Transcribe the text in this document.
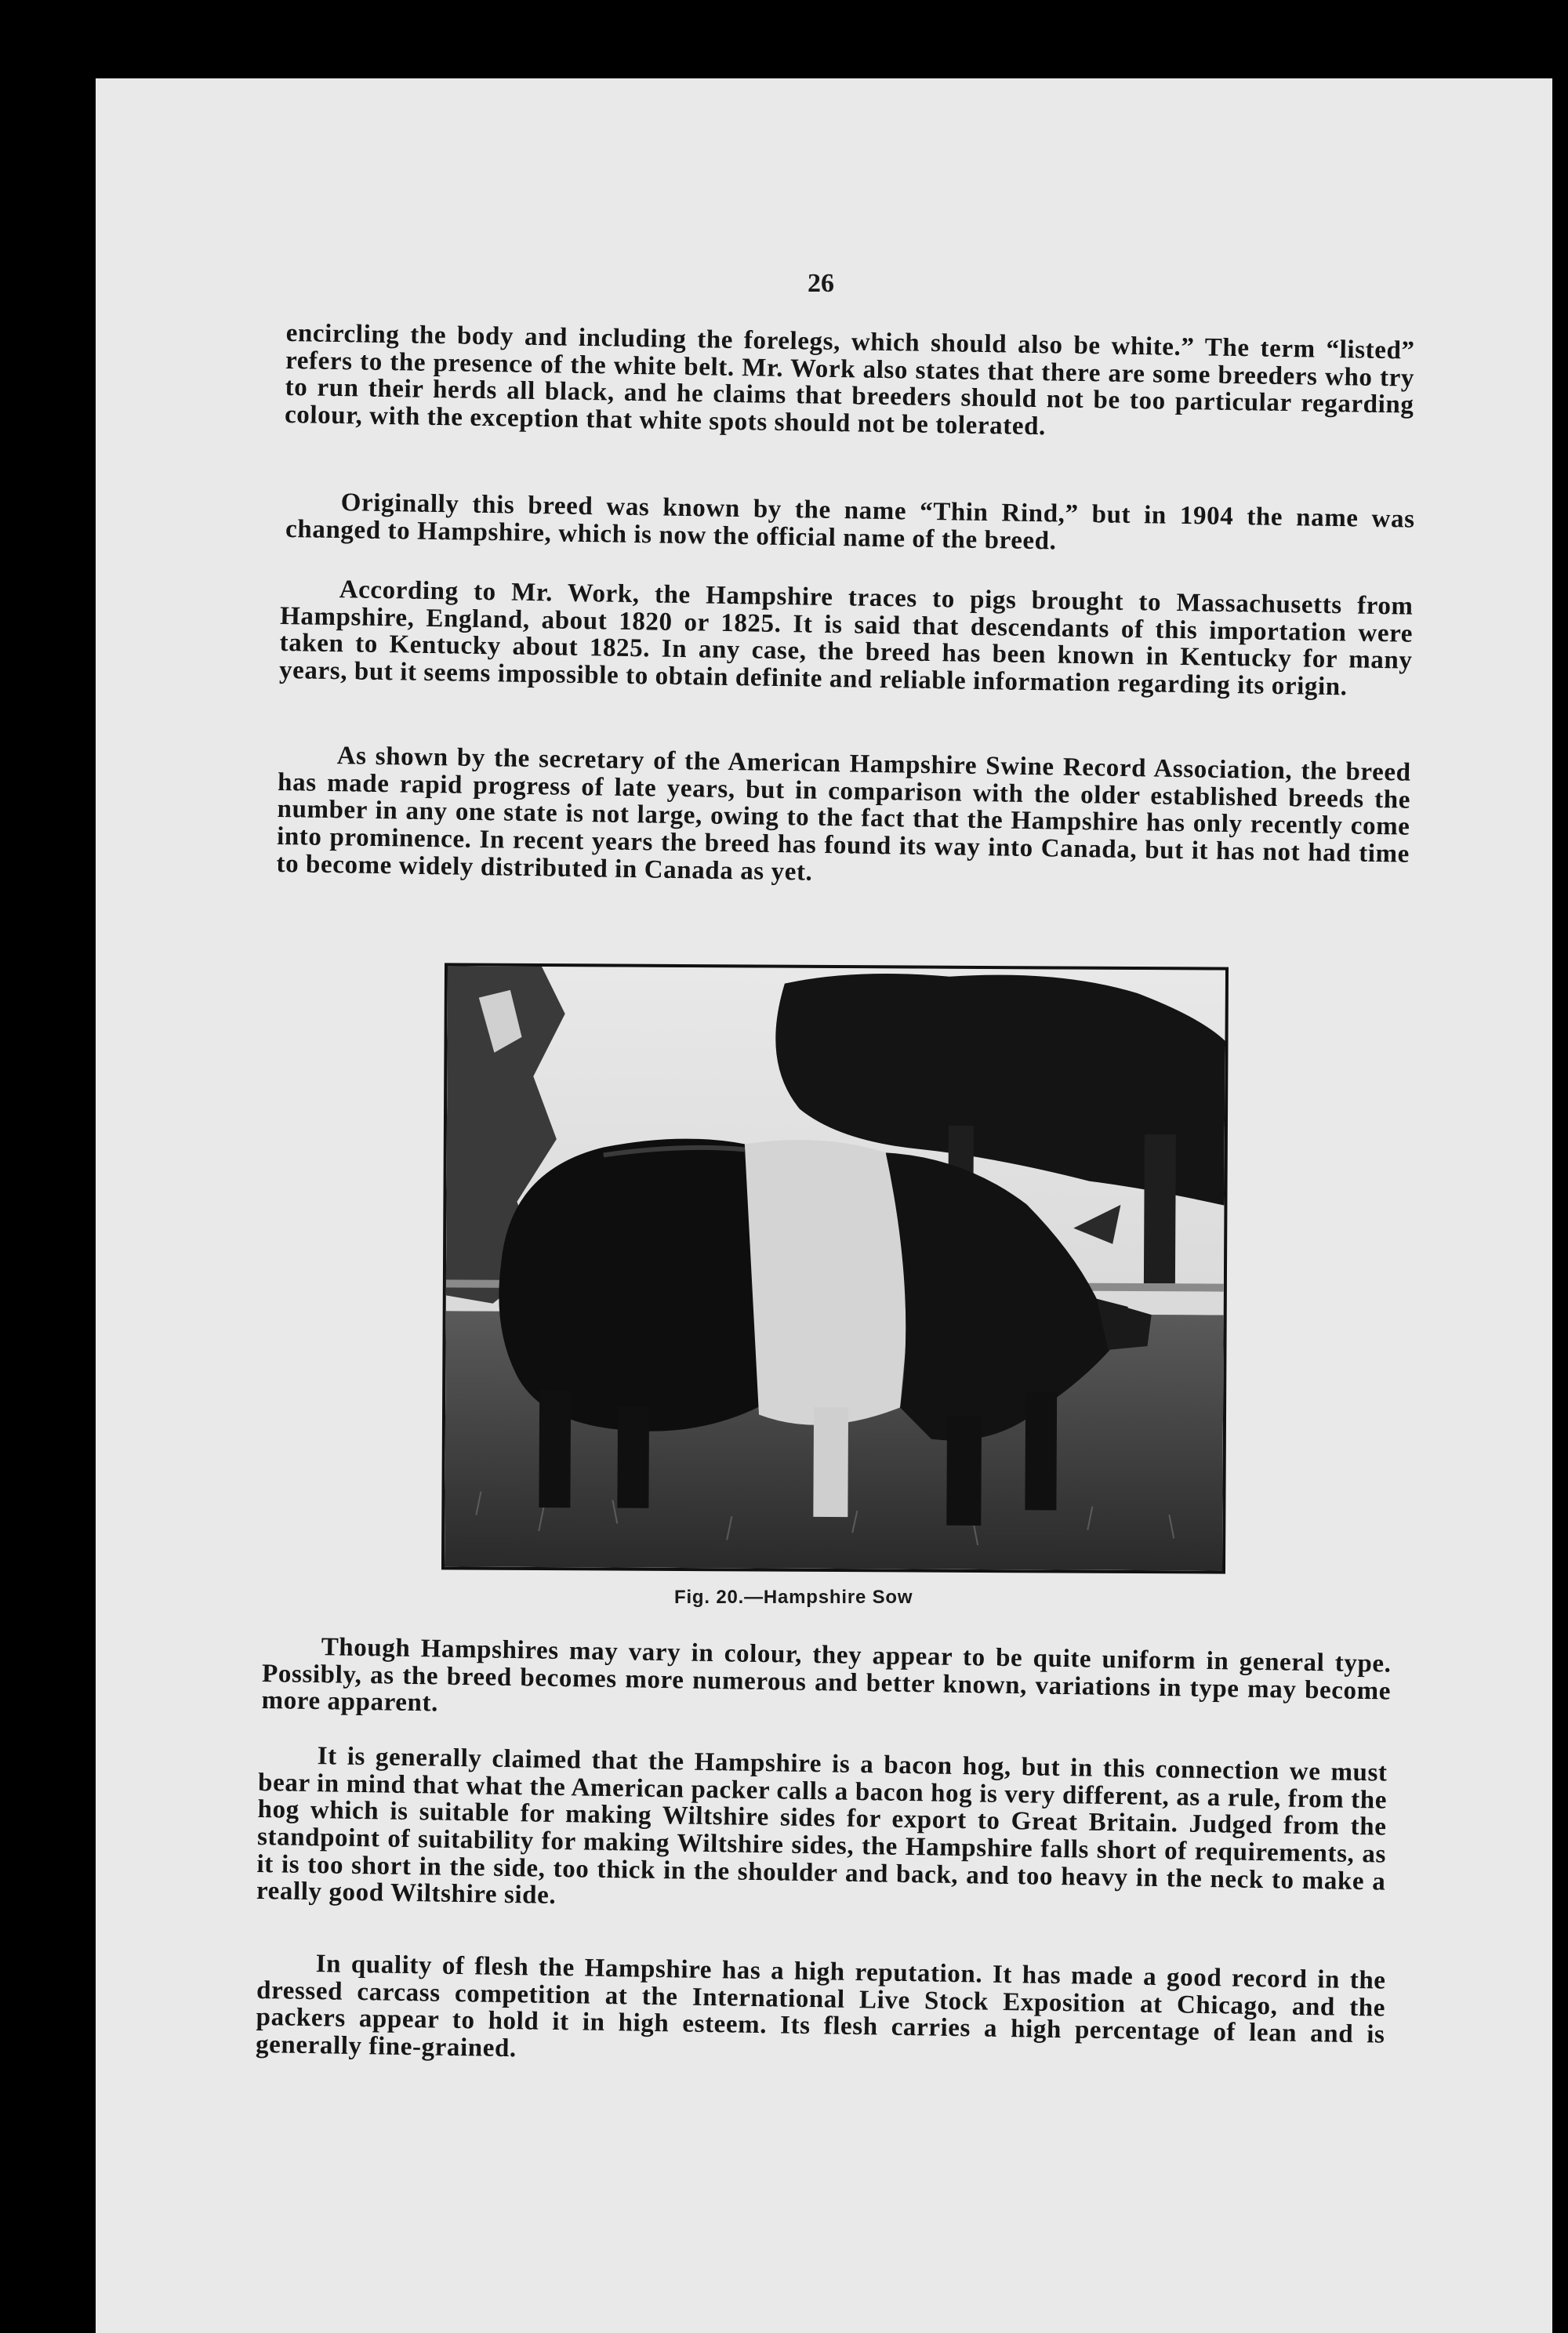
26

encircling the body and including the forelegs, which should also be white.” The term “listed” refers to the presence of the white belt. Mr. Work also states that there are some breeders who try to run their herds all black, and he claims that breeders should not be too particular regarding colour, with the exception that white spots should not be tolerated.

Originally this breed was known by the name “Thin Rind,” but in 1904 the name was changed to Hampshire, which is now the official name of the breed.

According to Mr. Work, the Hampshire traces to pigs brought to Massachusetts from Hampshire, England, about 1820 or 1825. It is said that descendants of this importation were taken to Kentucky about 1825. In any case, the breed has been known in Kentucky for many years, but it seems impossible to obtain definite and reliable information regarding its origin.

As shown by the secretary of the American Hampshire Swine Record Association, the breed has made rapid progress of late years, but in comparison with the older established breeds the number in any one state is not large, owing to the fact that the Hampshire has only recently come into prominence. In recent years the breed has found its way into Canada, but it has not had time to become widely distributed in Canada as yet.

Fig. 20.—Hampshire Sow

Though Hampshires may vary in colour, they appear to be quite uniform in general type. Possibly, as the breed becomes more numerous and better known, variations in type may become more apparent.

It is generally claimed that the Hampshire is a bacon hog, but in this connection we must bear in mind that what the American packer calls a bacon hog is very different, as a rule, from the hog which is suitable for making Wiltshire sides for export to Great Britain. Judged from the standpoint of suitability for making Wiltshire sides, the Hampshire falls short of requirements, as it is too short in the side, too thick in the shoulder and back, and too heavy in the neck to make a really good Wiltshire side.

In quality of flesh the Hampshire has a high reputation. It has made a good record in the dressed carcass competition at the International Live Stock Exposition at Chicago, and the packers appear to hold it in high esteem. Its flesh carries a high percentage of lean and is generally fine-grained.
